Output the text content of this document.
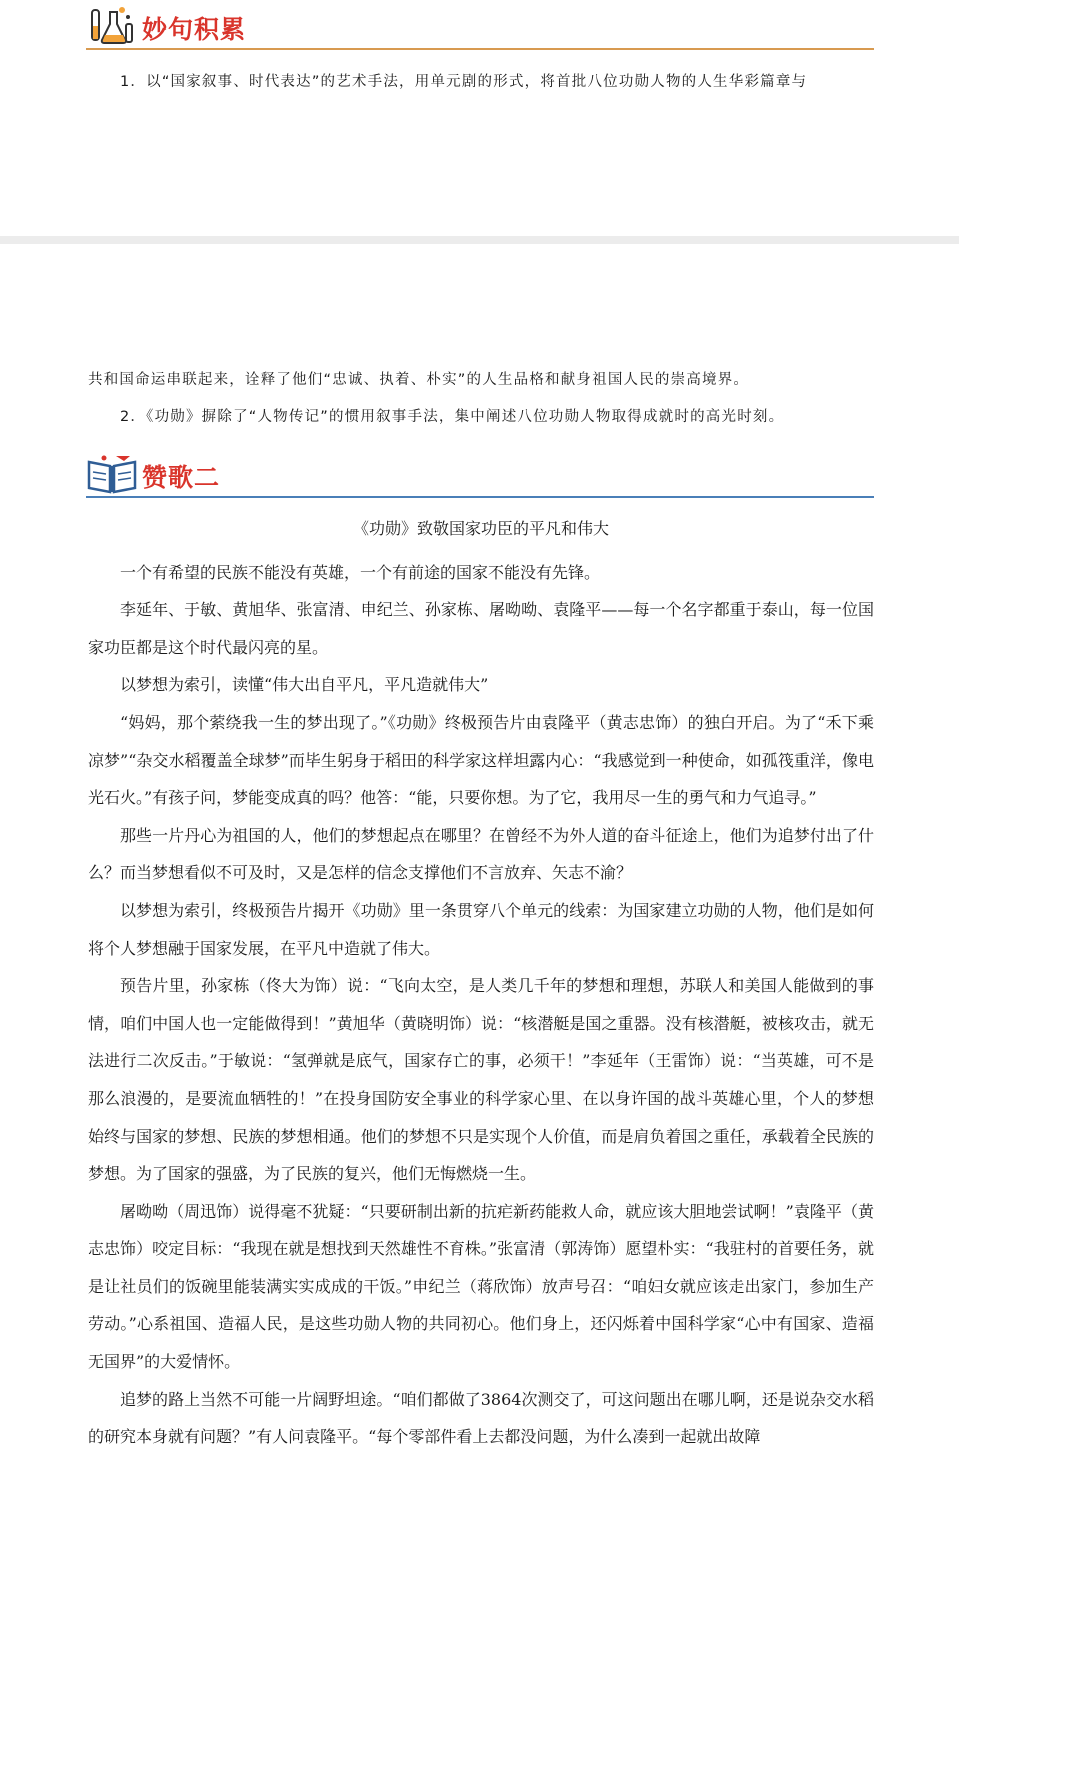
妙句积累
1．以“国家叙事、时代表达”的艺术手法，用单元剧的形式，将首批八位功勋人物的人生华彩篇章与
共和国命运串联起来，诠释了他们“忠诚、执着、朴实”的人生品格和献身祖国人民的崇高境界。
2．《功勋》摒除了“人物传记”的惯用叙事手法，集中阐述八位功勋人物取得成就时的高光时刻。
赞歌二
《功勋》致敬国家功臣的平凡和伟大

一个有希望的民族不能没有英雄，一个有前途的国家不能没有先锋。

李延年、于敏、黄旭华、张富清、申纪兰、孙家栋、屠呦呦、袁隆平——每一个名字都重于泰山，每一位国家功臣都是这个时代最闪亮的星。

以梦想为索引，读懂“伟大出自平凡，平凡造就伟大”

“妈妈，那个萦绕我一生的梦出现了。”《功勋》终极预告片由袁隆平（黄志忠饰）的独白开启。为了“禾下乘凉梦”“杂交水稻覆盖全球梦”而毕生躬身于稻田的科学家这样坦露内心：“我感觉到一种使命，如孤筏重洋，像电光石火。”有孩子问，梦能变成真的吗？他答：“能，只要你想。为了它，我用尽一生的勇气和力气追寻。”

那些一片丹心为祖国的人，他们的梦想起点在哪里？在曾经不为外人道的奋斗征途上，他们为追梦付出了什么？而当梦想看似不可及时，又是怎样的信念支撑他们不言放弃、矢志不渝？

以梦想为索引，终极预告片揭开《功勋》里一条贯穿八个单元的线索：为国家建立功勋的人物，他们是如何将个人梦想融于国家发展，在平凡中造就了伟大。

预告片里，孙家栋（佟大为饰）说：“飞向太空，是人类几千年的梦想和理想，苏联人和美国人能做到的事情，咱们中国人也一定能做得到！”黄旭华（黄晓明饰）说：“核潜艇是国之重器。没有核潜艇，被核攻击，就无法进行二次反击。”于敏说：“氢弹就是底气，国家存亡的事，必须干！”李延年（王雷饰）说：“当英雄，可不是那么浪漫的，是要流血牺牲的！”在投身国防安全事业的科学家心里、在以身许国的战斗英雄心里，个人的梦想始终与国家的梦想、民族的梦想相通。他们的梦想不只是实现个人价值，而是肩负着国之重任，承载着全民族的梦想。为了国家的强盛，为了民族的复兴，他们无悔燃烧一生。

屠呦呦（周迅饰）说得毫不犹疑：“只要研制出新的抗疟新药能救人命，就应该大胆地尝试啊！”袁隆平（黄志忠饰）咬定目标：“我现在就是想找到天然雄性不育株。”张富清（郭涛饰）愿望朴实：“我驻村的首要任务，就是让社员们的饭碗里能装满实实成成的干饭。”申纪兰（蒋欣饰）放声号召：“咱妇女就应该走出家门，参加生产劳动。”心系祖国、造福人民，是这些功勋人物的共同初心。他们身上，还闪烁着中国科学家“心中有国家、造福无国界”的大爱情怀。

追梦的路上当然不可能一片阔野坦途。“咱们都做了3864次测交了，可这问题出在哪儿啊，还是说杂交水稻的研究本身就有问题？”有人问袁隆平。“每个零部件看上去都没问题，为什么凑到一起就出故障
